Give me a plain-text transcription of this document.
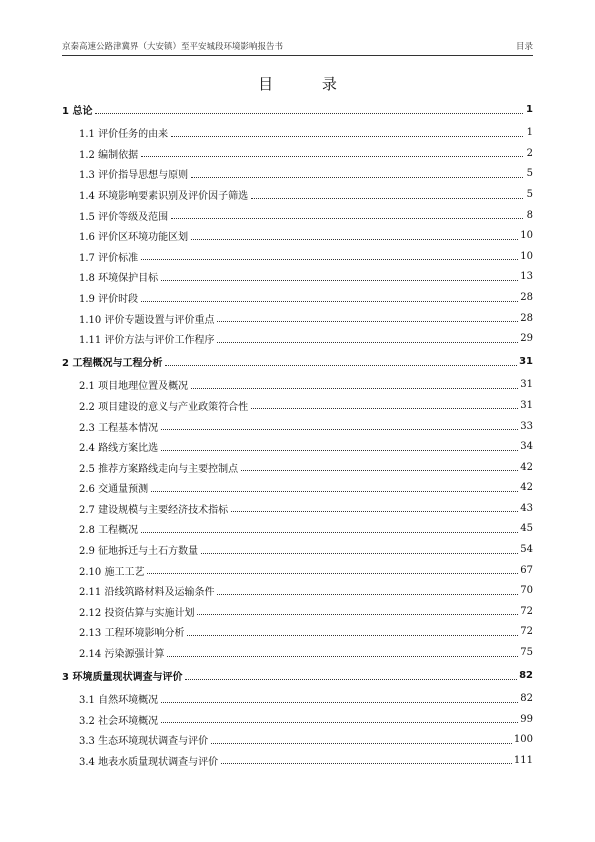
京秦高速公路津冀界（大安镇）至平安城段环境影响报告书	目录
目 录
1 总论	1
1.1 评价任务的由来	1
1.2 编制依据	2
1.3 评价指导思想与原则	5
1.4 环境影响要素识别及评价因子筛选	5
1.5 评价等级及范围	8
1.6 评价区环境功能区划	10
1.7 评价标准	10
1.8 环境保护目标	13
1.9 评价时段	28
1.10 评价专题设置与评价重点	28
1.11 评价方法与评价工作程序	29
2 工程概况与工程分析	31
2.1 项目地理位置及概况	31
2.2 项目建设的意义与产业政策符合性	31
2.3 工程基本情况	33
2.4 路线方案比选	34
2.5 推荐方案路线走向与主要控制点	42
2.6 交通量预测	42
2.7 建设规模与主要经济技术指标	43
2.8 工程概况	45
2.9 征地拆迁与土石方数量	54
2.10 施工工艺	67
2.11 沿线筑路材料及运输条件	70
2.12 投资估算与实施计划	72
2.13 工程环境影响分析	72
2.14 污染源强计算	75
3 环境质量现状调查与评价	82
3.1 自然环境概况	82
3.2 社会环境概况	99
3.3 生态环境现状调查与评价	100
3.4 地表水质量现状调查与评价	111
